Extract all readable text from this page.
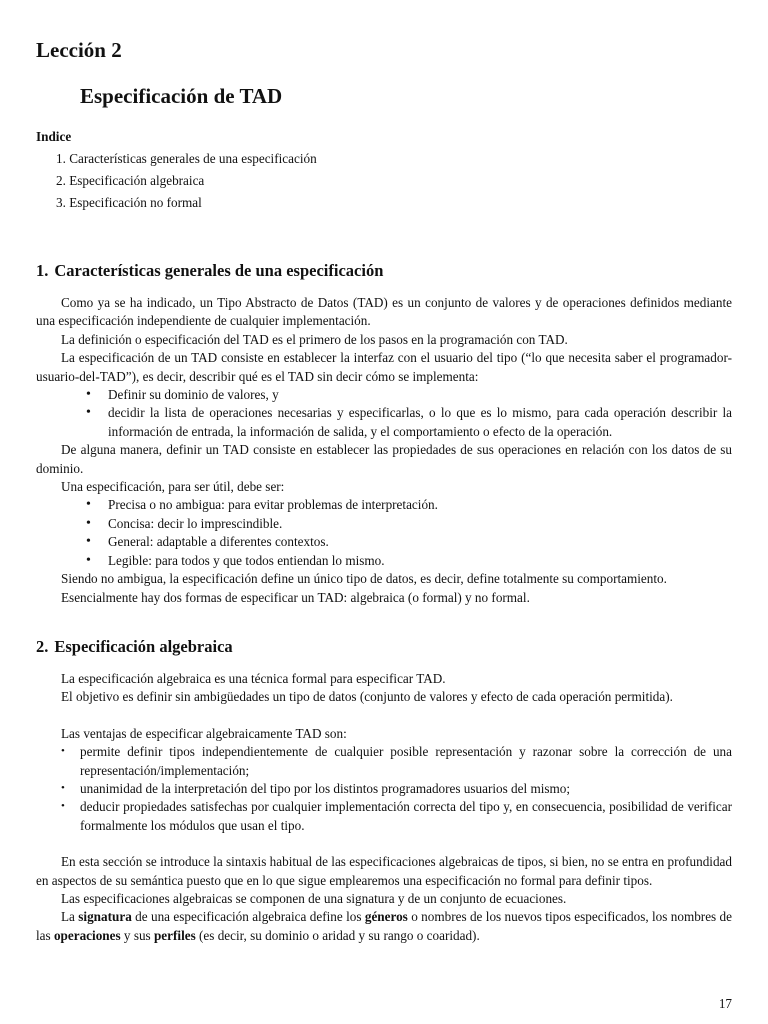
Lección 2
Especificación de TAD
Indice
1. Características generales de una especificación
2. Especificación algebraica
3. Especificación no formal
1. Características generales de una especificación

Como ya se ha indicado, un Tipo Abstracto de Datos (TAD) es un conjunto de valores y de operaciones definidos mediante una especificación independiente de cualquier implementación.

La definición o especificación del TAD es el primero de los pasos en la programación con TAD.

La especificación de un TAD consiste en establecer la interfaz con el usuario del tipo (“lo que necesita saber el programador-usuario-del-TAD”), es decir, describir qué es el TAD sin decir cómo se implementa:

• Definir su dominio de valores, y
• decidir la lista de operaciones necesarias y especificarlas, o lo que es lo mismo, para cada operación describir la información de entrada, la información de salida, y el comportamiento o efecto de la operación.

De alguna manera, definir un TAD consiste en establecer las propiedades de sus operaciones en relación con los datos de su dominio.

Una especificación, para ser útil, debe ser:

• Precisa o no ambigua: para evitar problemas de interpretación.
• Concisa: decir lo imprescindible.
• General: adaptable a diferentes contextos.
• Legible: para todos y que todos entiendan lo mismo.

Siendo no ambigua, la especificación define un único tipo de datos, es decir, define totalmente su comportamiento.

Esencialmente hay dos formas de especificar un TAD: algebraica (o formal) y no formal.

2. Especificación algebraica

La especificación algebraica es una técnica formal para especificar TAD.

El objetivo es definir sin ambigüedades un tipo de datos (conjunto de valores y efecto de cada operación permitida).

Las ventajas de especificar algebraicamente TAD son:

• permite definir tipos independientemente de cualquier posible representación y razonar sobre la corrección de una representación/implementación;
• unanimidad de la interpretación del tipo por los distintos programadores usuarios del mismo;
• deducir propiedades satisfechas por cualquier implementación correcta del tipo y, en consecuencia, posibilidad de verificar formalmente los módulos que usan el tipo.

En esta sección se introduce la sintaxis habitual de las especificaciones algebraicas de tipos, si bien, no se entra en profundidad en aspectos de su semántica puesto que en lo que sigue emplearemos una especificación no formal para definir tipos.

Las especificaciones algebraicas se componen de una signatura y de un conjunto de ecuaciones.

La signatura de una especificación algebraica define los géneros o nombres de los nuevos tipos especificados, los nombres de las operaciones y sus perfiles (es decir, su dominio o aridad y su rango o coaridad).

17
